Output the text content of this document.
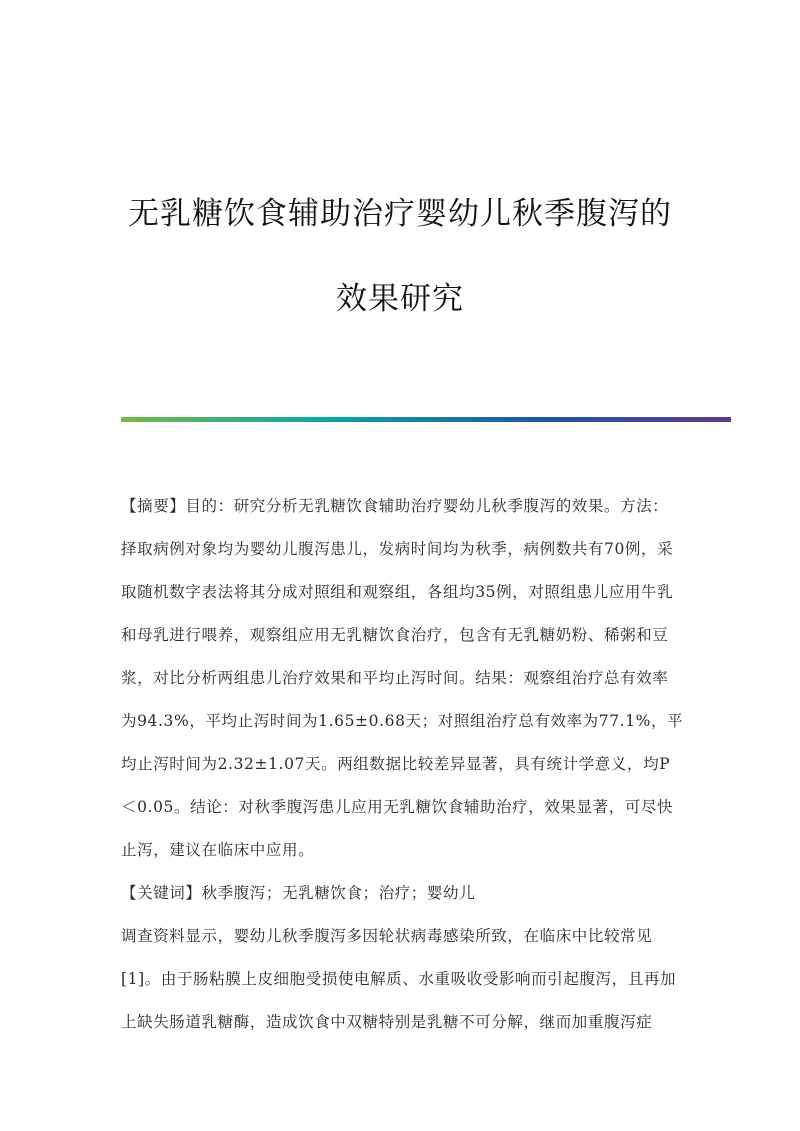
无乳糖饮食辅助治疗婴幼儿秋季腹泻的
效果研究
【摘要】目的：研究分析无乳糖饮食辅助治疗婴幼儿秋季腹泻的效果。方法：
择取病例对象均为婴幼儿腹泻患儿，发病时间均为秋季，病例数共有70例，采
取随机数字表法将其分成对照组和观察组，各组均35例，对照组患儿应用牛乳
和母乳进行喂养，观察组应用无乳糖饮食治疗，包含有无乳糖奶粉、稀粥和豆
浆，对比分析两组患儿治疗效果和平均止泻时间。结果：观察组治疗总有效率
为94.3%，平均止泻时间为1.65±0.68天；对照组治疗总有效率为77.1%，平
均止泻时间为2.32±1.07天。两组数据比较差异显著，具有统计学意义，均P
＜0.05。结论：对秋季腹泻患儿应用无乳糖饮食辅助治疗，效果显著，可尽快
止泻，建议在临床中应用。
【关键词】秋季腹泻；无乳糖饮食；治疗；婴幼儿
调查资料显示，婴幼儿秋季腹泻多因轮状病毒感染所致，在临床中比较常见
[1]。由于肠粘膜上皮细胞受损使电解质、水重吸收受影响而引起腹泻，且再加
上缺失肠道乳糖酶，造成饮食中双糖特别是乳糖不可分解，继而加重腹泻症
